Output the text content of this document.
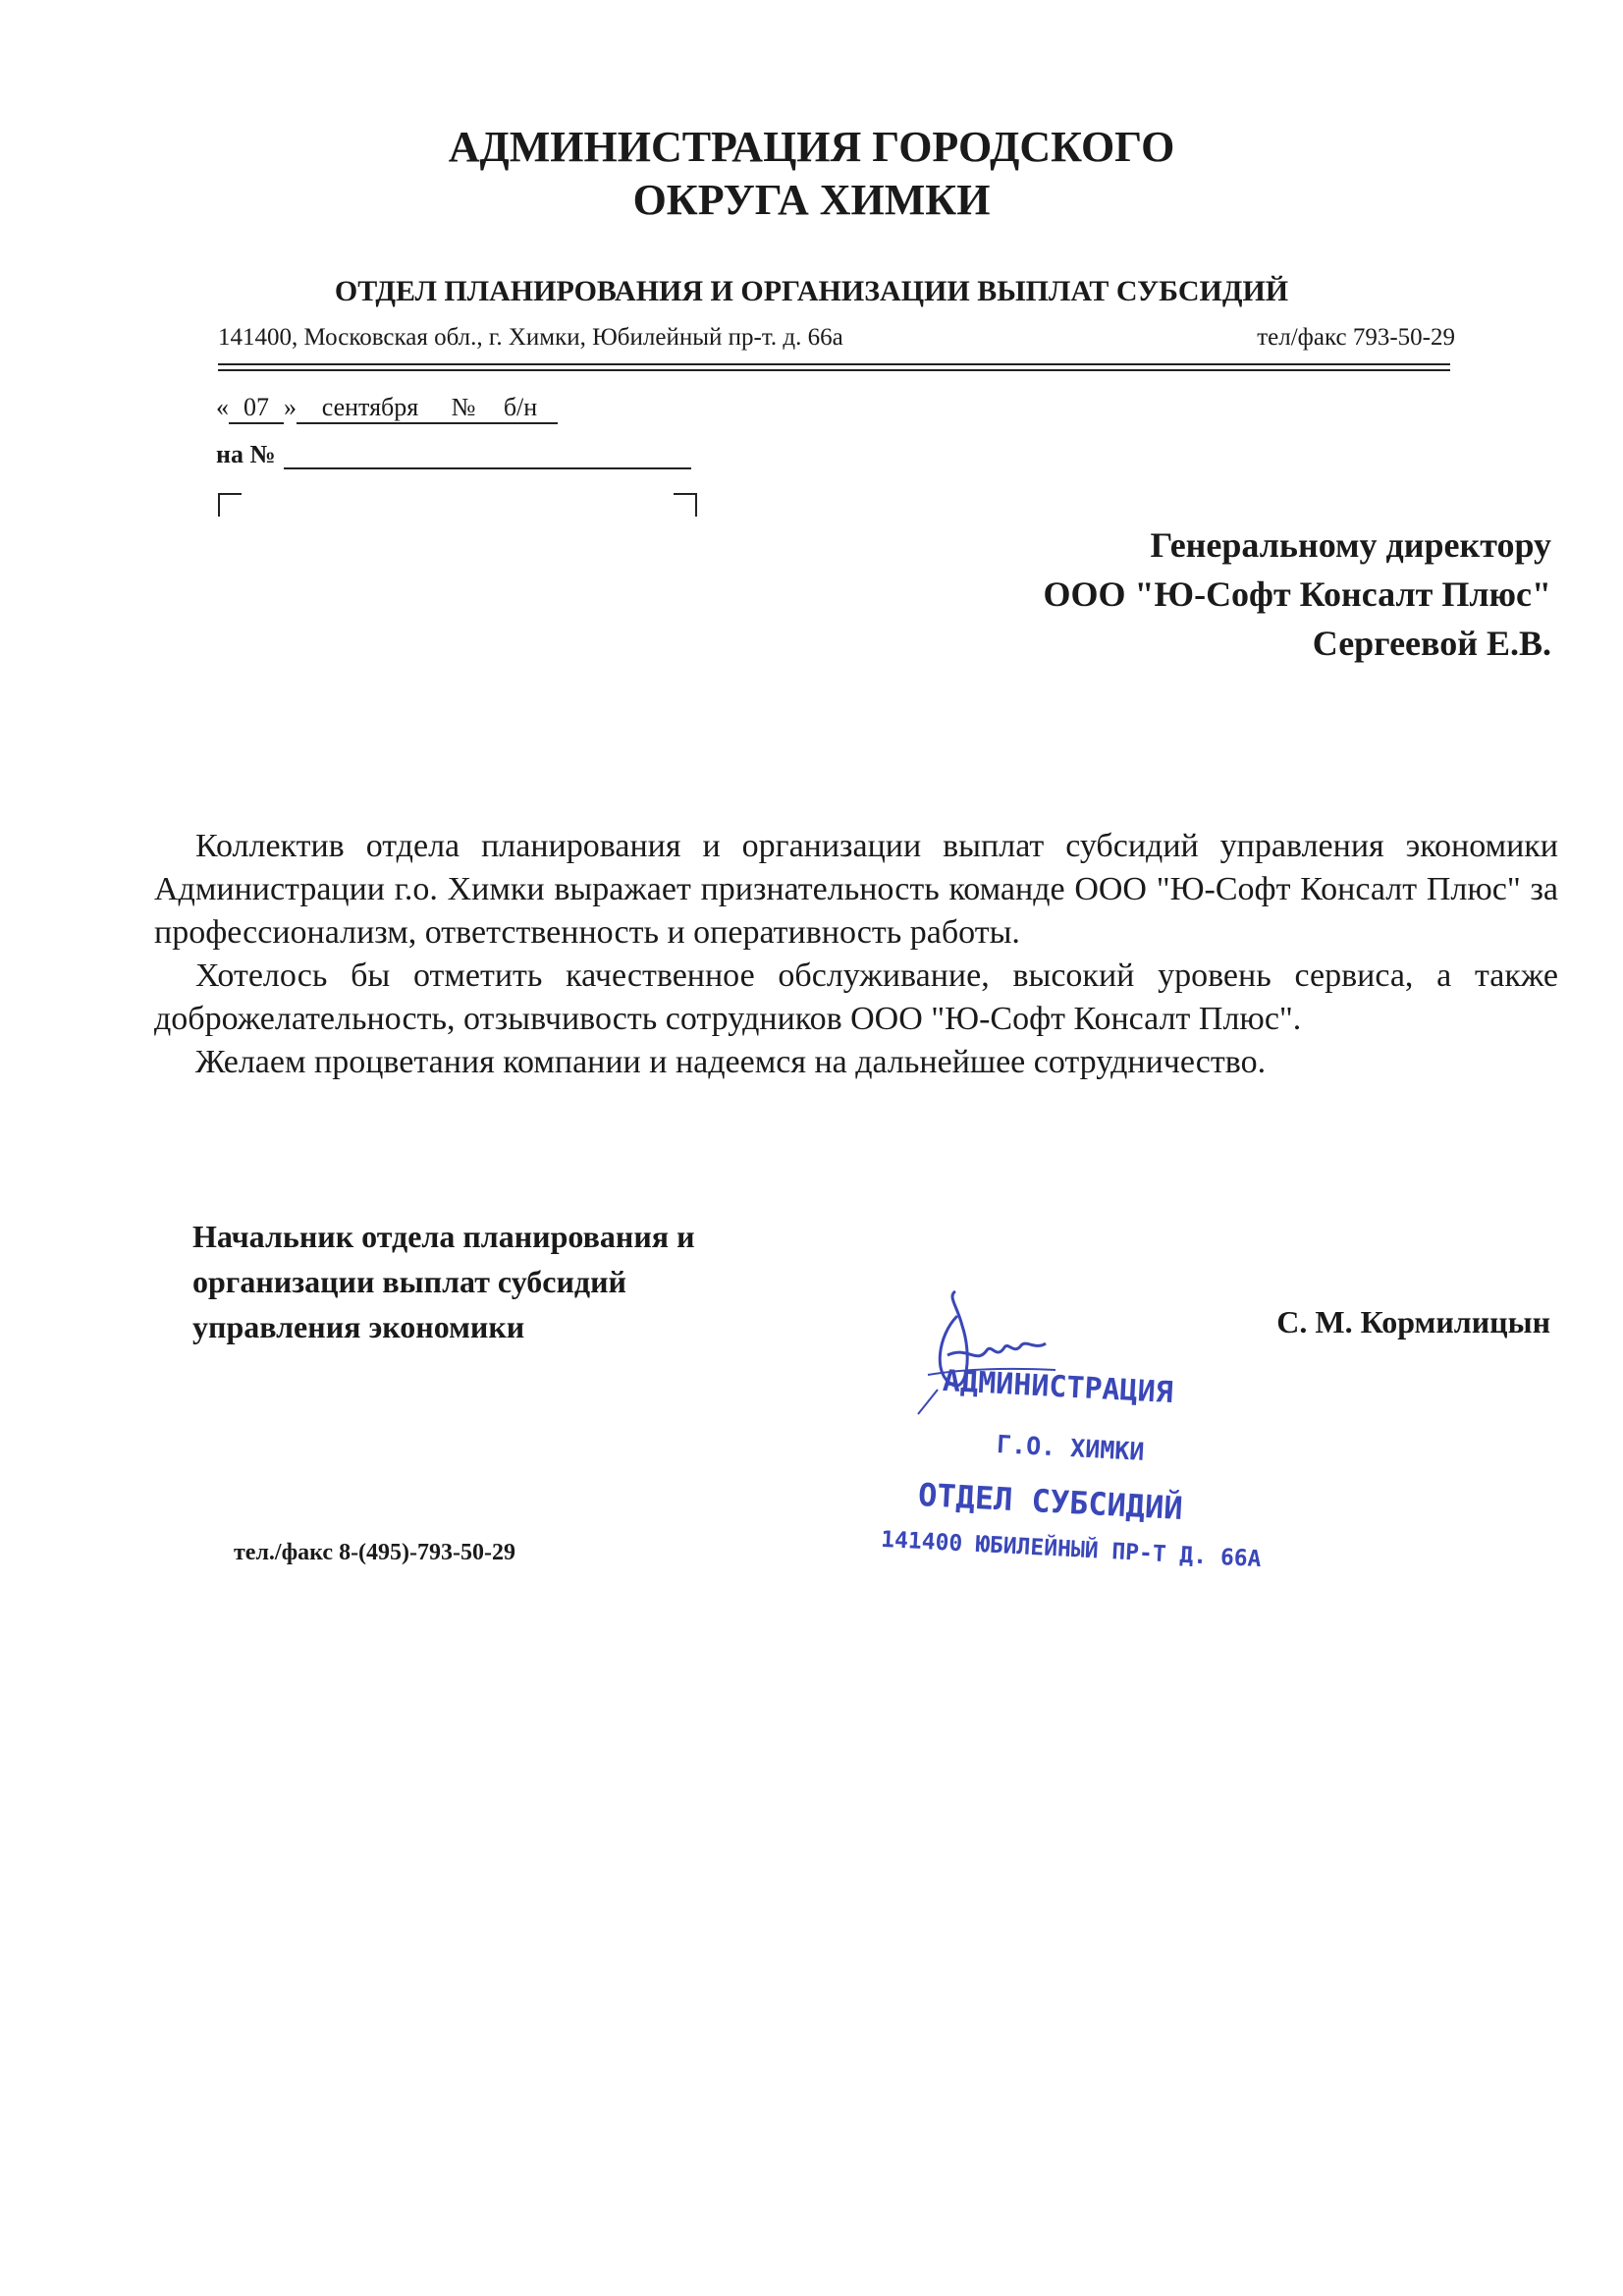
АДМИНИСТРАЦИЯ ГОРОДСКОГО
ОКРУГА ХИМКИ
ОТДЕЛ ПЛАНИРОВАНИЯ И ОРГАНИЗАЦИИ ВЫПЛАТ СУБСИДИЙ
141400, Московская обл., г. Химки, Юбилейный пр-т. д. 66а	тел/факс 793-50-29
« 07 » сентября № б/н
на №
Генеральному директору
ООО "Ю-Софт Консалт Плюс"
Сергеевой Е.В.

Коллектив отдела планирования и организации выплат субсидий управления экономики Администрации г.о. Химки выражает признательность команде ООО "Ю-Софт Консалт Плюс" за профессионализм, ответственность и оперативность работы.

Хотелось бы отметить качественное обслуживание, высокий уровень сервиса, а также доброжелательность, отзывчивость сотрудников ООО "Ю-Софт Консалт Плюс".

Желаем процветания компании и надеемся на дальнейшее сотрудничество.

Начальник отдела планирования и
организации выплат субсидий
управления экономики	С. М. Кормилицын
АДМИНИСТРАЦИЯ
Г.О. ХИМКИ
ОТДЕЛ СУБСИДИЙ
141400 ЮБИЛЕЙНЫЙ ПР-Т Д. 66А
тел./факс 8-(495)-793-50-29
